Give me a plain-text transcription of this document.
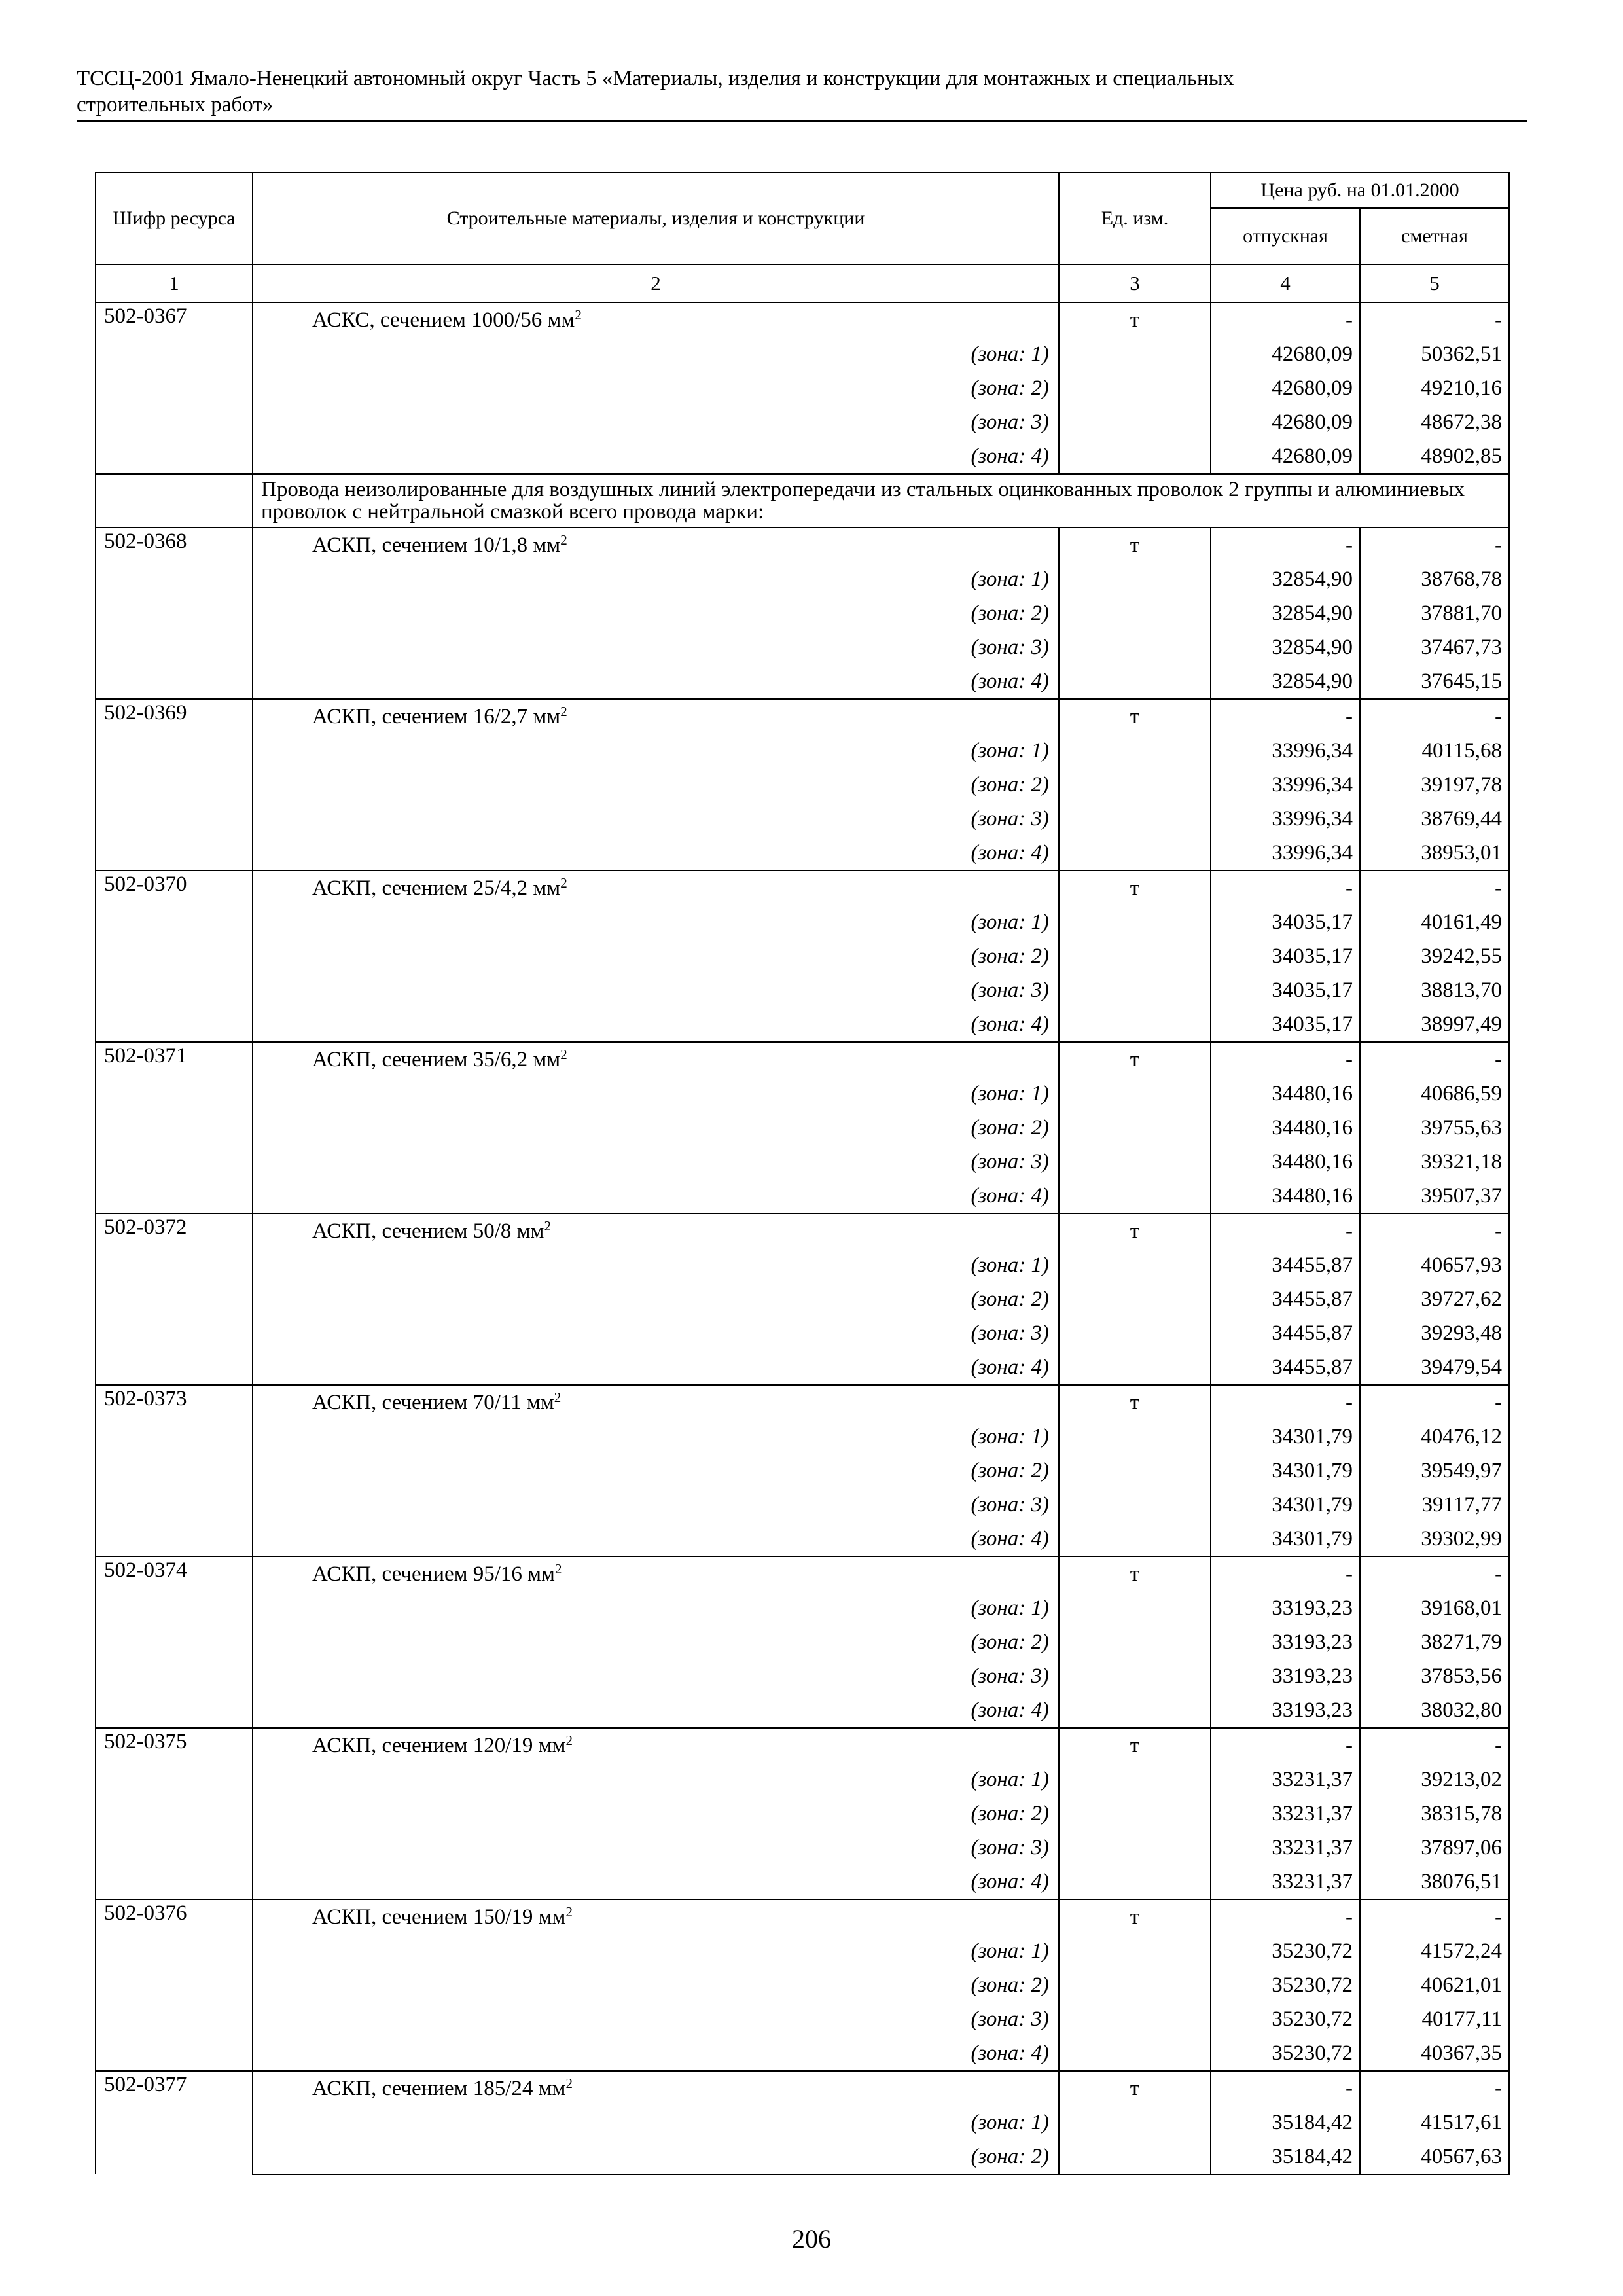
ТССЦ-2001 Ямало-Ненецкий автономный округ Часть 5 «Материалы, изделия и конструкции для монтажных и специальных
строительных работ»
Шифр ресурса	Строительные материалы, изделия и конструкции	Ед. изм.	Цена руб. на 01.01.2000	
			отпускная	сметная
1	2	3	4	5
502-0367	АСКС, сечением 1000/56 $мм^2$	т	-	-
	(зона: 1)		42680,09	50362,51
	(зона: 2)		42680,09	49210,16
	(зона: 3)		42680,09	48672,38
	(зона: 4)		42680,09	48902,85
	Провода неизолированные для воздушных линий электропередачи из стальных оцинкованных проволок 2 группы и алюминиевых проволок с нейтральной смазкой всего провода марки:			
502-0368	АСКП, сечением 10/1,8 $мм^2$	т	-	-
	(зона: 1)		32854,90	38768,78
	(зона: 2)		32854,90	37881,70
	(зона: 3)		32854,90	37467,73
	(зона: 4)		32854,90	37645,15
502-0369	АСКП, сечением 16/2,7 $мм^2$	т	-	-
	(зона: 1)		33996,34	40115,68
	(зона: 2)		33996,34	39197,78
	(зона: 3)		33996,34	38769,44
	(зона: 4)		33996,34	38953,01
502-0370	АСКП, сечением 25/4,2 $мм^2$	т	-	-
	(зона: 1)		34035,17	40161,49
	(зона: 2)		34035,17	39242,55
	(зона: 3)		34035,17	38813,70
	(зона: 4)		34035,17	38997,49
502-0371	АСКП, сечением 35/6,2 $мм^2$	т	-	-
	(зона: 1)		34480,16	40686,59
	(зона: 2)		34480,16	39755,63
	(зона: 3)		34480,16	39321,18
	(зона: 4)		34480,16	39507,37
502-0372	АСКП, сечением 50/8 $мм^2$	т	-	-
	(зона: 1)		34455,87	40657,93
	(зона: 2)		34455,87	39727,62
	(зона: 3)		34455,87	39293,48
	(зона: 4)		34455,87	39479,54
502-0373	АСКП, сечением 70/11 $мм^2$	т	-	-
	(зона: 1)		34301,79	40476,12
	(зона: 2)		34301,79	39549,97
	(зона: 3)		34301,79	39117,77
	(зона: 4)		34301,79	39302,99
502-0374	АСКП, сечением 95/16 $мм^2$	т	-	-
	(зона: 1)		33193,23	39168,01
	(зона: 2)		33193,23	38271,79
	(зона: 3)		33193,23	37853,56
	(зона: 4)		33193,23	38032,80
502-0375	АСКП, сечением 120/19 $мм^2$	т	-	-
	(зона: 1)		33231,37	39213,02
	(зона: 2)		33231,37	38315,78
	(зона: 3)		33231,37	37897,06
	(зона: 4)		33231,37	38076,51
502-0376	АСКП, сечением 150/19 $мм^2$	т	-	-
	(зона: 1)		35230,72	41572,24
	(зона: 2)		35230,72	40621,01
	(зона: 3)		35230,72	40177,11
	(зона: 4)		35230,72	40367,35
502-0377	АСКП, сечением 185/24 $мм^2$	т	-	-
	(зона: 1)		35184,42	41517,61
	(зона: 2)		35184,42	40567,63
206
